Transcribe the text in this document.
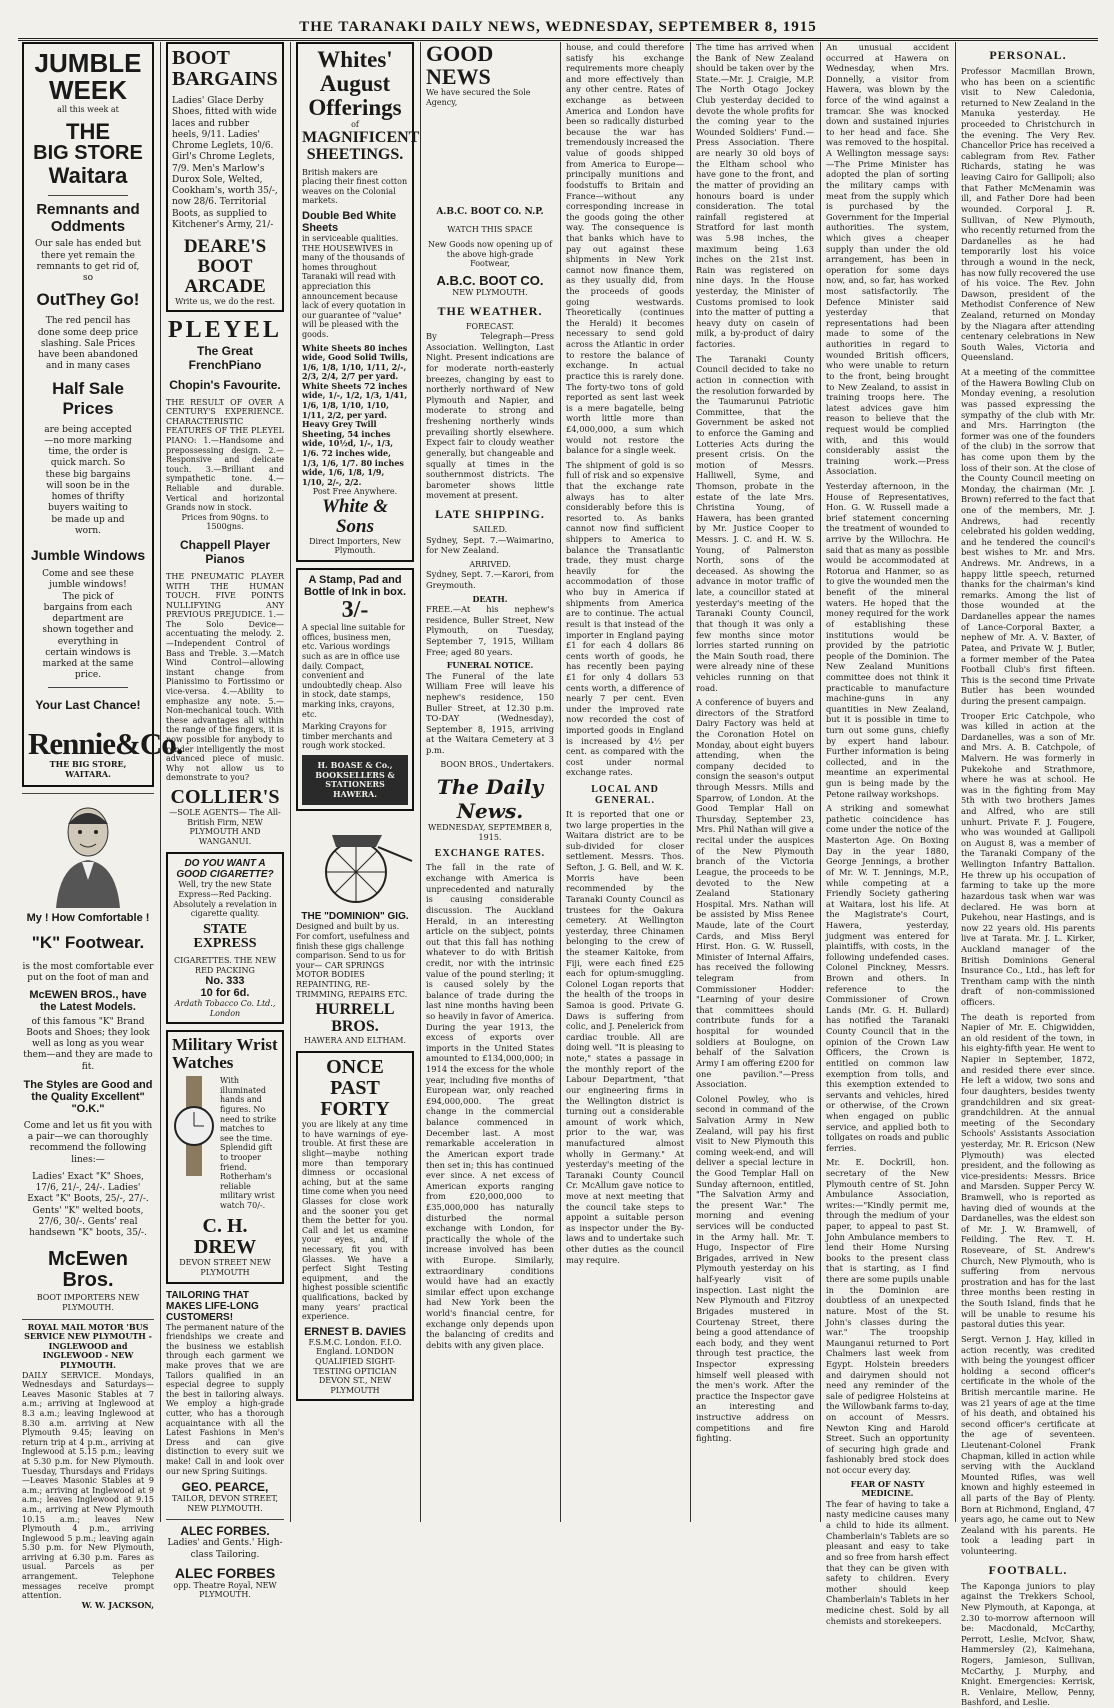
THE TARANAKI DAILY NEWS, WEDNESDAY, SEPTEMBER 8, 1915
JUMBLE
WEEK
all this week at
THE
BIG STORE
Waitara
Remnants and Oddments
Our sale has ended but there yet remain the remnants to get rid of, so
OutThey Go!
The red pencil has done some deep price slashing. Sale Prices have been abandoned and in many cases
Half Sale Prices
are being accepted—no more marking time, the order is quick march. So these big bargains will soon be in the homes of thrifty buyers waiting to be made up and worn.
Jumble Windows
Come and see these jumble windows! The pick of bargains from each department are shown together and everything in certain windows is marked at the same price.
Your Last Chance!
Rennie&Co.
THE BIG STORE, WAITARA.
My ! How Comfortable !
"K" Footwear.
is the most comfortable ever put on the foot of man and
McEWEN BROS., have the Latest Models.
of this famous "K" Brand Boots and Shoes; they look well as long as you wear them—and they are made to fit.
The Styles are Good and the Quality Excellent" "O.K."
Come and let us fit you with a pair—we can thoroughly recommend the following lines:—
Ladies' Exact "K" Shoes, 17/6, 21/-, 24/-. Ladies' Exact "K" Boots, 25/-, 27/-. Gents' "K" welted boots, 27/6, 30/-. Gents' real handsewn "K" boots, 35/-.
McEwen Bros.
BOOT IMPORTERS NEW PLYMOUTH.
ROYAL MAIL MOTOR 'BUS SERVICE NEW PLYMOUTH - INGLEWOOD and INGLEWOOD - NEW PLYMOUTH.
DAILY SERVICE. Mondays, Wednesdays and Saturdays—Leaves Masonic Stables at 7 a.m.; arriving at Inglewood at 8.3 a.m.; leaving Inglewood at 8.30 a.m. arriving at New Plymouth 9.45; leaving on return trip at 4 p.m., arriving at Inglewood at 5.15 p.m.; leaving at 5.30 p.m. for New Plymouth. Tuesday, Thursdays and Fridays—Leaves Masonic Stables at 9 a.m.; arriving at Inglewood at 9 a.m.; leaves Inglewood at 9.15 a.m., arriving at New Plymouth 10.15 a.m.; leaves New Plymouth 4 p.m., arriving Inglewood 5 p.m.; leaving again 5.30 p.m. for New Plymouth, arriving at 6.30 p.m. Fares as usual. Parcels as per arrangement. Telephone messages receive prompt attention.
W. W. JACKSON,
BOOT BARGAINS
Ladies' Glace Derby Shoes, fitted with wide laces and rubber heels, 9/11. Ladies' Chrome Leglets, 10/6. Girl's Chrome Leglets, 7/9. Men's Marlow's Durox Sole, Welted, Cookham's, worth 35/-, now 28/6. Territorial Boots, as supplied to Kitchener's Army, 21/-
DEARE'S BOOT ARCADE
Write us, we do the rest.
PLEYEL
The Great FrenchPiano
Chopin's Favourite.
THE RESULT OF OVER A CENTURY'S EXPERIENCE. CHARACTERISTIC FEATURES OF THE PLEYEL PIANO: 1.—Handsome and prepossessing design. 2.—Responsive and delicate touch. 3.—Brilliant and sympathetic tone. 4.—Reliable and durable. Vertical and horizontal Grands now in stock.
Prices from 90gns. to 1500gns.
Chappell Player Pianos
THE PNEUMATIC PLAYER WITH THE HUMAN TOUCH. FIVE POINTS NULLIFYING ANY PREVIOUS PREJUDICE. 1.—The Solo Device—accentuating the melody. 2.—Independent Control of Bass and Treble. 3.—Match Wind Control—allowing instant change from Pianissimo to Fortissimo or vice-versa. 4.—Ability to emphasize any note. 5.—Non-mechanical touch. With these advantages all within the range of the fingers, it is now possible for anybody to render intelligently the most advanced piece of music. Why not allow us to demonstrate to you?
COLLIER'S
—SOLE AGENTS— The All-British Firm, NEW PLYMOUTH AND WANGANUI.
DO YOU WANT A GOOD CIGARETTE?
Well, try the new State Express—Red Packing. Absolutely a revelation in cigarette quality.
STATE EXPRESS
CIGARETTES. THE NEW RED PACKING
No. 333
10 for 6d.
Ardath Tobacco Co. Ltd., London
Military Wrist Watches
With illuminated hands and figures. No need to strike matches to see the time. Splendid gift to trooper friend. Rotherham's reliable military wrist watch 70/-.
C. H. DREW
DEVON STREET NEW PLYMOUTH
TAILORING THAT MAKES LIFE-LONG CUSTOMERS!
The permanent nature of the friendships we create and the business we establish through each garment we make proves that we are Tailors qualified in an especial degree to supply the best in tailoring always. We employ a high-grade cutter, who has a thorough acquaintance with all the Latest Fashions in Men's Dress and can give distinction to every suit we make! Call in and look over our new Spring Suitings.
GEO. PEARCE,
TAILOR, DEVON STREET, NEW PLYMOUTH.
ALEC FORBES.
Ladies' and Gents.' High-class Tailoring.
ALEC FORBES
opp. Theatre Royal, NEW PLYMOUTH.
Whites' August Offerings
of
MAGNIFICENT SHEETINGS.
British makers are placing their finest cotton weaves on the Colonial markets.
Double Bed White Sheets
in serviceable qualities. THE HOUSEWIVES in many of the thousands of homes throughout Taranaki will read with appreciation this announcement because lack of every quotation in our guarantee of "value" will be pleased with the goods.
White Sheets 80 inches wide, Good Solid Twills, 1/6, 1/8, 1/10, 1/11, 2/-, 2/3, 2/4, 2/7 per yard. White Sheets 72 inches wide, 1/-, 1/2, 1/3, 1/41, 1/6, 1/8, 1/10, 1/10, 1/11, 2/2, per yard. Heavy Grey Twill Sheeting, 54 inches wide, 10½d, 1/-, 1/3, 1/6. 72 inches wide, 1/3, 1/6, 1/7. 80 inches wide, 1/6, 1/8, 1/9, 1/10, 2/-, 2/2.
Post Free Anywhere.
White & Sons
Direct Importers, New Plymouth.
A Stamp, Pad and Bottle of Ink in box.
3/-
A special line suitable for offices, business men, etc. Various wordings such as are in office use daily. Compact, convenient and undoubtedly cheap. Also in stock, date stamps, marking inks, crayons, etc.
Marking Crayons for timber merchants and rough work stocked.
H. BOASE & Co., BOOKSELLERS & STATIONERS HAWERA.
THE "DOMINION" GIG.
Designed and built by us. For comfort, usefulness and finish these gigs challenge comparison. Send to us for your— CAR SPRINGS MOTOR BODIES REPAINTING, RE-TRIMMING, REPAIRS ETC.
HURRELL BROS.
HAWERA AND ELTHAM.
ONCE PAST FORTY
you are likely at any time to have warnings of eye-trouble. At first these are slight—maybe nothing more than temporary dimness or occasional aching, but at the same time come when you need Glasses for close work and the sooner you get them the better for you. Call and let us examine your eyes, and, if necessary, fit you with Glasses. We have a perfect Sight Testing equipment, and the highest possible scientific qualifications, backed by many years' practical experience.
ERNEST B. DAVIES
F.S.M.C. London. F.I.O. England. LONDON QUALIFIED SIGHT-TESTING OPTICIAN DEVON ST., NEW PLYMOUTH
GOOD NEWS
We have secured the Sole Agency,
A.B.C. BOOT CO. N.P.
WATCH THIS SPACE
New Goods now opening up of the above high-grade Footwear,
A.B.C. BOOT CO.
NEW PLYMOUTH.
THE WEATHER.
FORECAST.

By Telegraph—Press Association. Wellington, Last Night. Present indications are for moderate north-easterly breezes, changing by east to northerly northward of New Plymouth and Napier, and moderate to strong and freshening northerly winds prevailing shortly elsewhere. Expect fair to cloudy weather generally, but changeable and squally at times in the southernmost districts. The barometer shows little movement at present.

LATE SHIPPING.
SAILED.

Sydney, Sept. 7.—Waimarino, for New Zealand.

ARRIVED.

Sydney, Sept. 7.—Karori, from Greymouth.

DEATH.

FREE.—At his nephew's residence, Buller Street, New Plymouth, on Tuesday, September 7, 1915, William Free; aged 80 years.

FUNERAL NOTICE.

The Funeral of the late William Free will leave his nephew's residence, 150 Buller Street, at 12.30 p.m. TO-DAY (Wednesday), September 8, 1915, arriving at the Waitara Cemetery at 3 p.m.

BOON BROS., Undertakers.
The Daily News.
WEDNESDAY, SEPTEMBER 8, 1915.
EXCHANGE RATES.

The fall in the rate of exchange with America is unprecedented and naturally is causing considerable discussion. The Auckland Herald, in an interesting article on the subject, points out that this fall has nothing whatever to do with British credit, nor with the intrinsic value of the pound sterling; it is caused solely by the balance of trade during the last nine months having been so heavily in favor of America. During the year 1913, the excess of exports over imports in the United States amounted to £134,000,000; in 1914 the excess for the whole year, including five months of European war, only reached £94,000,000. The great change in the commercial balance commenced in December last. A most remarkable acceleration in the American export trade then set in; this has continued ever since. A net excess of American exports ranging from £20,000,000 to £35,000,000 has naturally disturbed the normal exchange with London, for practically the whole of the increase involved has been with Europe. Similarly, extraordinary conditions would have had an exactly similar effect upon exchange had New York been the world's financial centre, for exchange only depends upon the balancing of credits and debits with any given place.

house, and could therefore satisfy his exchange requirements more cheaply and more effectively than any other centre. Rates of exchange as between America and London have been so radically disturbed because the war has tremendously increased the value of goods shipped from America to Europe—principally munitions and foodstuffs to Britain and France—without any corresponding increase in the goods going the other way. The consequence is that banks which have to pay out against these shipments in New York cannot now finance them, as they usually did, from the proceeds of goods going westwards. Theoretically (continues the Herald) it becomes necessary to send gold across the Atlantic in order to restore the balance of exchange. In actual practice this is rarely done. The forty-two tons of gold reported as sent last week is a mere bagatelle, being worth little more than £4,000,000, a sum which would not restore the balance for a single week.

The shipment of gold is so full of risk and so expensive that the exchange rate always has to alter considerably before this is resorted to. As banks cannot now find sufficient shippers to America to balance the Transatlantic trade, they must charge heavily for the accommodation of those who buy in America if shipments from America are to continue. The actual result is that instead of the importer in England paying £1 for each 4 dollars 86 cents worth of goods, he has recently been paying £1 for only 4 dollars 53 cents worth, a difference of nearly 7 per cent. Even under the improved rate now recorded the cost of imported goods in England is increased by 4½ per cent. as compared with the cost under normal exchange rates.

LOCAL AND GENERAL.

It is reported that one or two large properties in the Waitara district are to be sub-divided for closer settlement. Messrs. Thos. Sefton, J. G. Bell, and W. K. Morris have been recommended by the Taranaki County Council as trustees for the Oakura cemetery. At Wellington yesterday, three Chinamen belonging to the crew of the steamer Kaitoke, from Fiji, were each fined £25 each for opium-smuggling. Colonel Logan reports that the health of the troops in Samoa is good. Private G. Daws is suffering from colic, and J. Penelerick from cardiac trouble. All are doing well. "It is pleasing to note," states a passage in the monthly report of the Labour Department, "that our engineering firms in the Wellington district is turning out a considerable amount of work which, prior to the war, was manufactured almost wholly in Germany." At yesterday's meeting of the Taranaki County Council Cr. McAllum gave notice to move at next meeting that the council take steps to appoint a suitable person as inspector under the By-laws and to undertake such other duties as the council may require.

The time has arrived when the Bank of New Zealand should be taken over by the State.—Mr. J. Craigie, M.P. The North Otago Jockey Club yesterday decided to devote the whole profits for the coming year to the Wounded Soldiers' Fund.—Press Association. There are nearly 30 old boys of the Eltham school who have gone to the front, and the matter of providing an honours board is under consideration. The total rainfall registered at Stratford for last month was 5.98 inches, the maximum being 1.63 inches on the 21st inst. Rain was registered on nine days. In the House yesterday, the Minister of Customs promised to look into the matter of putting a heavy duty on casein of milk, a by-product of dairy factories.

The Taranaki County Council decided to take no action in connection with the resolution forwarded by the Taumarunui Patriotic Committee, that the Government be asked not to enforce the Gaming and Lotteries Acts during the present crisis. On the motion of Messrs. Halliwell, Syme, and Thomson, probate in the estate of the late Mrs. Christina Young, of Hawera, has been granted by Mr. Justice Cooper to Messrs. J. C. and H. W. S. Young, of Palmerston North, sons of the deceased. As showing the advance in motor traffic of late, a councillor stated at yesterday's meeting of the Taranaki County Council, that though it was only a few months since motor lorries started running on the Main South road, there were already nine of these vehicles running on that road.

A conference of buyers and directors of the Stratford Dairy Factory was held at the Coronation Hotel on Monday, about eight buyers attending, when the company decided to consign the season's output through Messrs. Mills and Sparrow, of London. At the Good Templar Hall on Thursday, September 23, Mrs. Phil Nathan will give a recital under the auspices of the New Plymouth branch of the Victoria League, the proceeds to be devoted to the New Zealand Stationary Hospital. Mrs. Nathan will be assisted by Miss Renee Maude, late of the Court Cards, and Miss Beryl Hirst. Hon. G. W. Russell, Minister of Internal Affairs, has received the following telegram from Commissioner Hodder: "Learning of your desire that committees should contribute funds for a hospital for wounded soldiers at Boulogne, on behalf of the Salvation Army I am offering £200 for one pavilion."—Press Association.

Colonel Powley, who is second in command of the Salvation Army in New Zealand, will pay his first visit to New Plymouth this coming week-end, and will deliver a special lecture in the Good Templar Hall on Sunday afternoon, entitled, "The Salvation Army and the present War." The morning and evening services will be conducted in the Army hall. Mr. T. Hugo, Inspector of Fire Brigades, arrived in New Plymouth yesterday on his half-yearly visit of inspection. Last night the New Plymouth and Fitzroy Brigades mustered in Courtenay Street, there being a good attendance of each body, and they went through test practice, the Inspector expressing himself well pleased with the men's work. After the practice the Inspector gave an interesting and instructive address on competitions and fire fighting.

An unusual accident occurred at Hawera on Wednesday, when Mrs. Donnelly, a visitor from Hawera, was blown by the force of the wind against a tramcar. She was knocked down and sustained injuries to her head and face. She was removed to the hospital. A Wellington message says:—The Prime Minister has adopted the plan of sorting the military camps with meat from the supply which is purchased by the Government for the Imperial authorities. The system, which gives a cheaper supply than under the old arrangement, has been in operation for some days now, and, so far, has worked most satisfactorily. The Defence Minister said yesterday that representations had been made to some of the authorities in regard to wounded British officers, who were unable to return to the front, being brought to New Zealand, to assist in training troops here. The latest advices gave him reason to believe that the request would be complied with, and this would considerably assist the training work.—Press Association.

Yesterday afternoon, in the House of Representatives, Hon. G. W. Russell made a brief statement concerning the treatment of wounded to arrive by the Willochra. He said that as many as possible would be accommodated at Rotorua and Hanmer, so as to give the wounded men the benefit of the mineral waters. He hoped that the money required for the work of establishing these institutions would be provided by the patriotic people of the Dominion. The New Zealand Munitions committee does not think it practicable to manufacture machine-guns in any quantities in New Zealand, but it is possible in time to turn out some guns, chiefly by expert hand labour. Further information is being collected, and in the meantime an experimental gun is being made by the Petone railway workshops.

A striking and somewhat pathetic coincidence has come under the notice of the Masterton Age. On Boxing Day in the year 1880, George Jennings, a brother of Mr. W. T. Jennings, M.P., while competing at a Friendly Society gathering at Waitara, lost his life. At the Magistrate's Court, Hawera, yesterday, judgment was entered for plaintiffs, with costs, in the following undefended cases. Colonel Pinckney, Messrs. Brown and others. In reference to the Commissioner of Crown Lands (Mr. G. H. Bullard) has notified the Taranaki County Council that in the opinion of the Crown Law Officers, the Crown is entitled on common law exemption from tolls, and this exemption extended to servants and vehicles, hired or otherwise, of the Crown when engaged on public service, and applied both to tollgates on roads and public ferries.

Mr. E. Dockrill, hon. secretary of the New Plymouth centre of St. John Ambulance Association, writes:—"Kindly permit me, through the medium of your paper, to appeal to past St. John Ambulance members to lend their Home Nursing books to the present class that is starting, as I find there are some pupils unable in the Dominion are doubtless of an unexpected nature. Most of the St. John's classes during the war." The troopship Maunganui returned to Port Chalmers last week from Egypt. Holstein breeders and dairymen should not need any reminder of the sale of pedigree Holsteins at the Willowbank farms to-day, on account of Messrs. Newton King and Harold Street. Such an opportunity of securing high grade and fashionably bred stock does not occur every day.

FEAR OF NASTY MEDICINE.

The fear of having to take a nasty medicine causes many a child to hide its ailment. Chamberlain's Tablets are so pleasant and easy to take and so free from harsh effect that they can be given with safety to children. Every mother should keep Chamberlain's Tablets in her medicine chest. Sold by all chemists and storekeepers.

PERSONAL.

Professor Macmillan Brown, who has been on a scientific visit to New Caledonia, returned to New Zealand in the Manuka yesterday. He proceeded to Christchurch in the evening. The Very Rev. Chancellor Price has received a cablegram from Rev. Father Richards, stating he was leaving Cairo for Gallipoli; also that Father McMenamin was ill, and Father Dore had been wounded. Corporal J. R. Sullivan, of New Plymouth, who recently returned from the Dardanelles as he had temporarily lost his voice through a wound in the neck, has now fully recovered the use of his voice. The Rev. John Dawson, president of the Methodist Conference of New Zealand, returned on Monday by the Niagara after attending centenary celebrations in New South Wales, Victoria and Queensland.

At a meeting of the committee of the Hawera Bowling Club on Monday evening, a resolution was passed expressing the sympathy of the club with Mr. and Mrs. Harrington (the former was one of the founders of the club) in the sorrow that has come upon them by the loss of their son. At the close of the County Council meeting on Monday, the chairman (Mr. J. Brown) referred to the fact that one of the members, Mr. J. Andrews, had recently celebrated his golden wedding, and he tendered the council's best wishes to Mr. and Mrs. Andrews. Mr. Andrews, in a happy little speech, returned thanks for the chairman's kind remarks. Among the list of those wounded at the Dardanelles appear the names of Lance-Corporal Baxter, a nephew of Mr. A. V. Baxter, of Patea, and Private W. J. Butler, a former member of the Patea Football Club's first fifteen. This is the second time Private Butler has been wounded during the present campaign.

Trooper Eric Catchpole, who was killed in action at the Dardanelles, was a son of Mr. and Mrs. A. B. Catchpole, of Malvern. He was formerly in Pukekohe and Strathmore, where he was at school. He was in the fighting from May 5th with two brothers James and Alfred, who are still unhurt. Private F. J. Fougere, who was wounded at Gallipoli on August 8, was a member of the Taranaki Company of the Wellington Infantry Battalion. He threw up his occupation of farming to take up the more hazardous task when war was declared. He was born at Pukehou, near Hastings, and is now 22 years old. His parents live at Tarata. Mr. J. L. Kirker, Auckland manager of the British Dominions General Insurance Co., Ltd., has left for Trentham camp with the ninth draft of non-commissioned officers.

The death is reported from Napier of Mr. E. Chigwidden, an old resident of the town, in his eighty-fifth year. He went to Napier in September, 1872, and resided there ever since. He left a widow, two sons and four daughters, besides twenty grandchildren and six great-grandchildren. At the annual meeting of the Secondary Schools' Assistants Association yesterday, Mr. R. Ericson (New Plymouth) was elected president, and the following as vice-presidents: Messrs. Brice and Marsden. Supper Percy W. Bramwell, who is reported as having died of wounds at the Dardanelles, was the eldest son of Mr. J. W. Bramwell, of Feilding. The Rev. T. H. Roseveare, of St. Andrew's Church, New Plymouth, who is suffering from nervous prostration and has for the last three months been resting in the South Island, finds that he will be unable to resume his pastoral duties this year.

Sergt. Vernon J. Hay, killed in action recently, was credited with being the youngest officer holding a second officer's certificate in the whole of the British mercantile marine. He was 21 years of age at the time of his death, and obtained his second officer's certificate at the age of seventeen. Lieutenant-Colonel Frank Chapman, killed in action while serving with the Auckland Mounted Rifles, was well known and highly esteemed in all parts of the Bay of Plenty. Born at Richmond, England, 47 years ago, he came out to New Zealand with his parents. He took a leading part in volunteering.

FOOTBALL.

The Kaponga juniors to play against the Trekkers School, New Plymouth, at Kaponga, at 2.30 to-morrow afternoon will be: Macdonald, McCarthy, Perrott, Leslie, McIvor, Shaw, Hammersley (2), Kaimehana, Rogers, Jamieson, Sullivan, McCarthy, J. Murphy, and Knight. Emergencies: Kerrisk, R. Venlaire, Mellow, Penny, Bashford, and Leslie.
